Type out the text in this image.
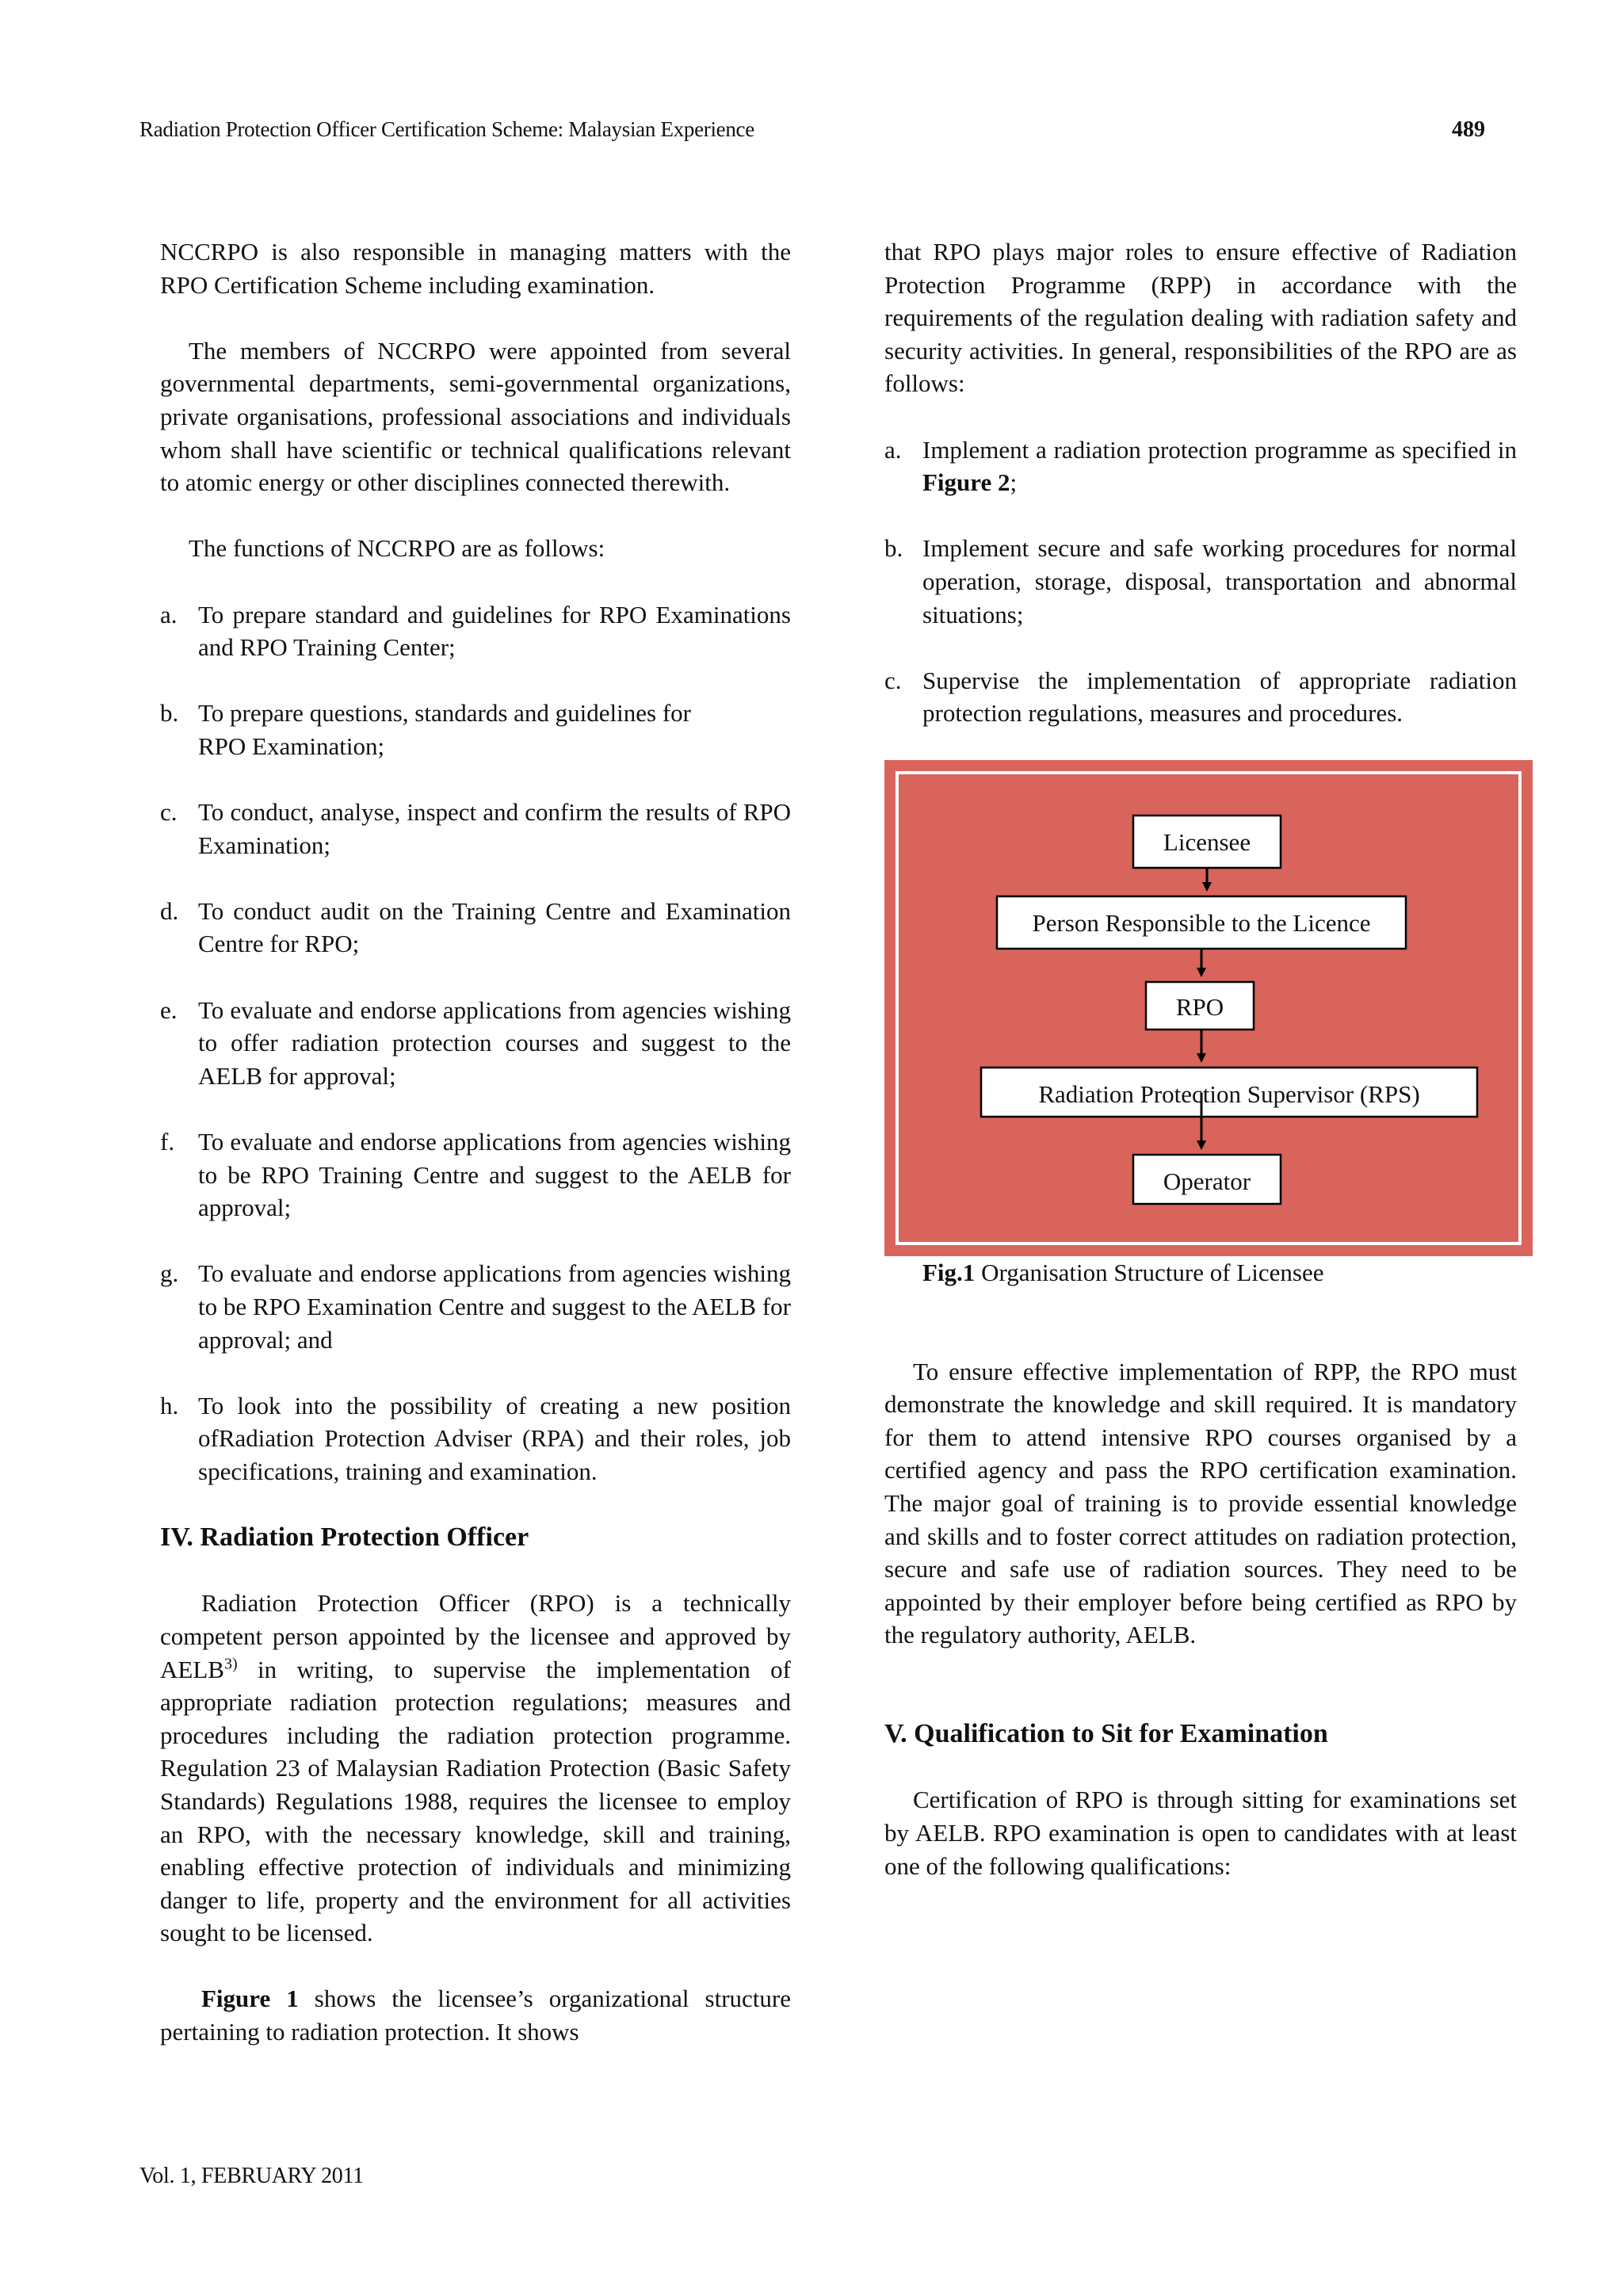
Radiation Protection Officer Certification Scheme: Malaysian Experience	489

NCCRPO is also responsible in managing matters with the RPO Certification Scheme including examination.

The members of NCCRPO were appointed from several governmental departments, semi-governmental organizations, private organisations, professional associations and individuals whom shall have scientific or technical qualifications relevant to atomic energy or other disciplines connected therewith.

The functions of NCCRPO are as follows:

a. To prepare standard and guidelines for RPO Examinations and RPO Training Center;
b. To prepare questions, standards and guidelines for RPO Examination;
c. To conduct, analyse, inspect and confirm the results of RPO Examination;
d. To conduct audit on the Training Centre and Examination Centre for RPO;
e. To evaluate and endorse applications from agencies wishing to offer radiation protection courses and suggest to the AELB for approval;
f. To evaluate and endorse applications from agencies wishing to be RPO Training Centre and suggest to the AELB for approval;
g. To evaluate and endorse applications from agencies wishing to be RPO Examination Centre and suggest to the AELB for approval; and
h. To look into the possibility of creating a new position ofRadiation Protection Adviser (RPA) and their roles, job specifications, training and examination.

IV. Radiation Protection Officer

Radiation Protection Officer (RPO) is a technically competent person appointed by the licensee and approved by AELB$^{3)}$ in writing, to supervise the implementation of appropriate radiation protection regulations; measures and procedures including the radiation protection programme. Regulation 23 of Malaysian Radiation Protection (Basic Safety Standards) Regulations 1988, requires the licensee to employ an RPO, with the necessary knowledge, skill and training, enabling effective protection of individuals and minimizing danger to life, property and the environment for all activities sought to be licensed.

Figure 1 shows the licensee’s organizational structure pertaining to radiation protection. It shows

that RPO plays major roles to ensure effective of Radiation Protection Programme (RPP) in accordance with the requirements of the regulation dealing with radiation safety and security activities. In general, responsibilities of the RPO are as follows:

a. Implement a radiation protection programme as specified in Figure 2;
b. Implement secure and safe working procedures for normal operation, storage, disposal, transportation and abnormal situations;
c. Supervise the implementation of appropriate radiation protection regulations, measures and procedures.
Licensee
Person Responsible to the Licence
RPO
Radiation Protection Supervisor (RPS)
Operator

Fig.1 Organisation Structure of Licensee

To ensure effective implementation of RPP, the RPO must demonstrate the knowledge and skill required. It is mandatory for them to attend intensive RPO courses organised by a certified agency and pass the RPO certification examination. The major goal of training is to provide essential knowledge and skills and to foster correct attitudes on radiation protection, secure and safe use of radiation sources. They need to be appointed by their employer before being certified as RPO by the regulatory authority, AELB.

V. Qualification to Sit for Examination

Certification of RPO is through sitting for examinations set by AELB. RPO examination is open to candidates with at least one of the following qualifications:

Vol. 1, FEBRUARY 2011
